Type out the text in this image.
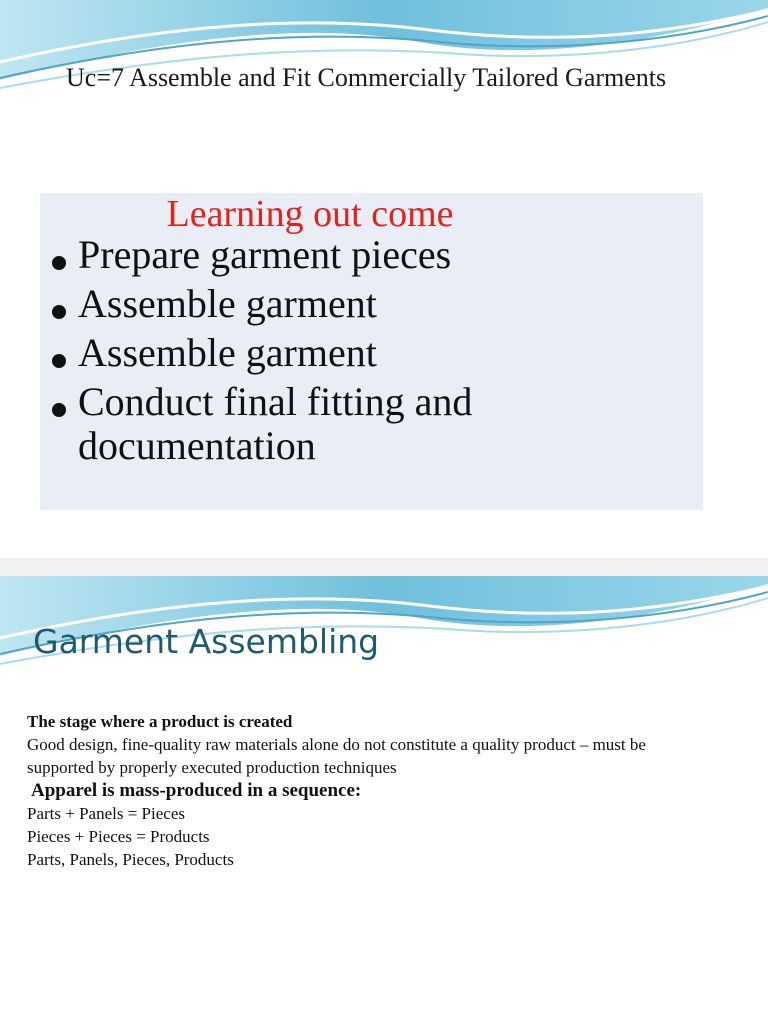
Uc=7 Assemble and Fit Commercially Tailored Garments
Learning out come
Prepare garment pieces
Assemble garment
Assemble garment
Conduct final fitting and documentation
Garment Assembling
The stage where a product is created
Good design, fine-quality raw materials alone do not constitute a quality product – must be
supported by properly executed production techniques
Apparel is mass-produced in a sequence:
Parts + Panels = Pieces
Pieces + Pieces = Products
Parts, Panels, Pieces, Products
